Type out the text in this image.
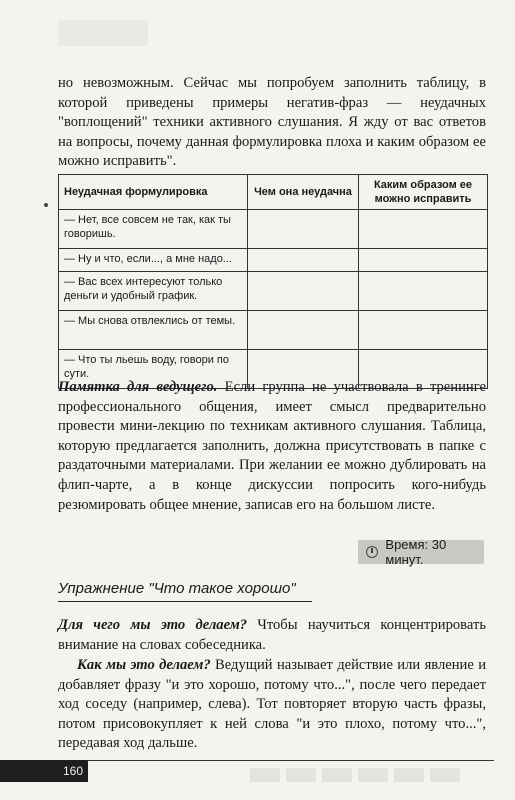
но невозможным. Сейчас мы попробуем заполнить таблицу, в которой приведены примеры негатив-фраз — неудачных "воплощений" техники активного слушания. Я жду от вас ответов на вопросы, почему данная формулировка плоха и каким образом ее можно исправить".

Неудачная формулировка	Чем она неудачна	Каким образом ее можно исправить
— Нет, все совсем не так, как ты говоришь.		
— Ну и что, если..., а мне надо...		
— Вас всех интересуют только деньги и удобный график.		
— Мы снова отвлеклись от темы.		
— Что ты льешь воду, говори по сути.		

Памятка для ведущего. Если группа не участвовала в тренинге профессионального общения, имеет смысл предварительно провести мини-лекцию по техникам активного слушания. Таблица, которую предлагается заполнить, должна присутствовать в папке с раздаточными материалами. При желании ее можно дублировать на флип-чарте, а в конце дискуссии попросить кого-нибудь резюмировать общее мнение, записав его на большом листе.

Время: 30 минут.
Упражнение "Что такое хорошо"

Для чего мы это делаем? Чтобы научиться концентрировать внимание на словах собеседника.

Как мы это делаем? Ведущий называет действие или явление и добавляет фразу "и это хорошо, потому что...", после чего передает ход соседу (например, слева). Тот повторяет вторую часть фразы, потом присовокупляет к ней слова "и это плохо, потому что...", передавая ход дальше.

160
